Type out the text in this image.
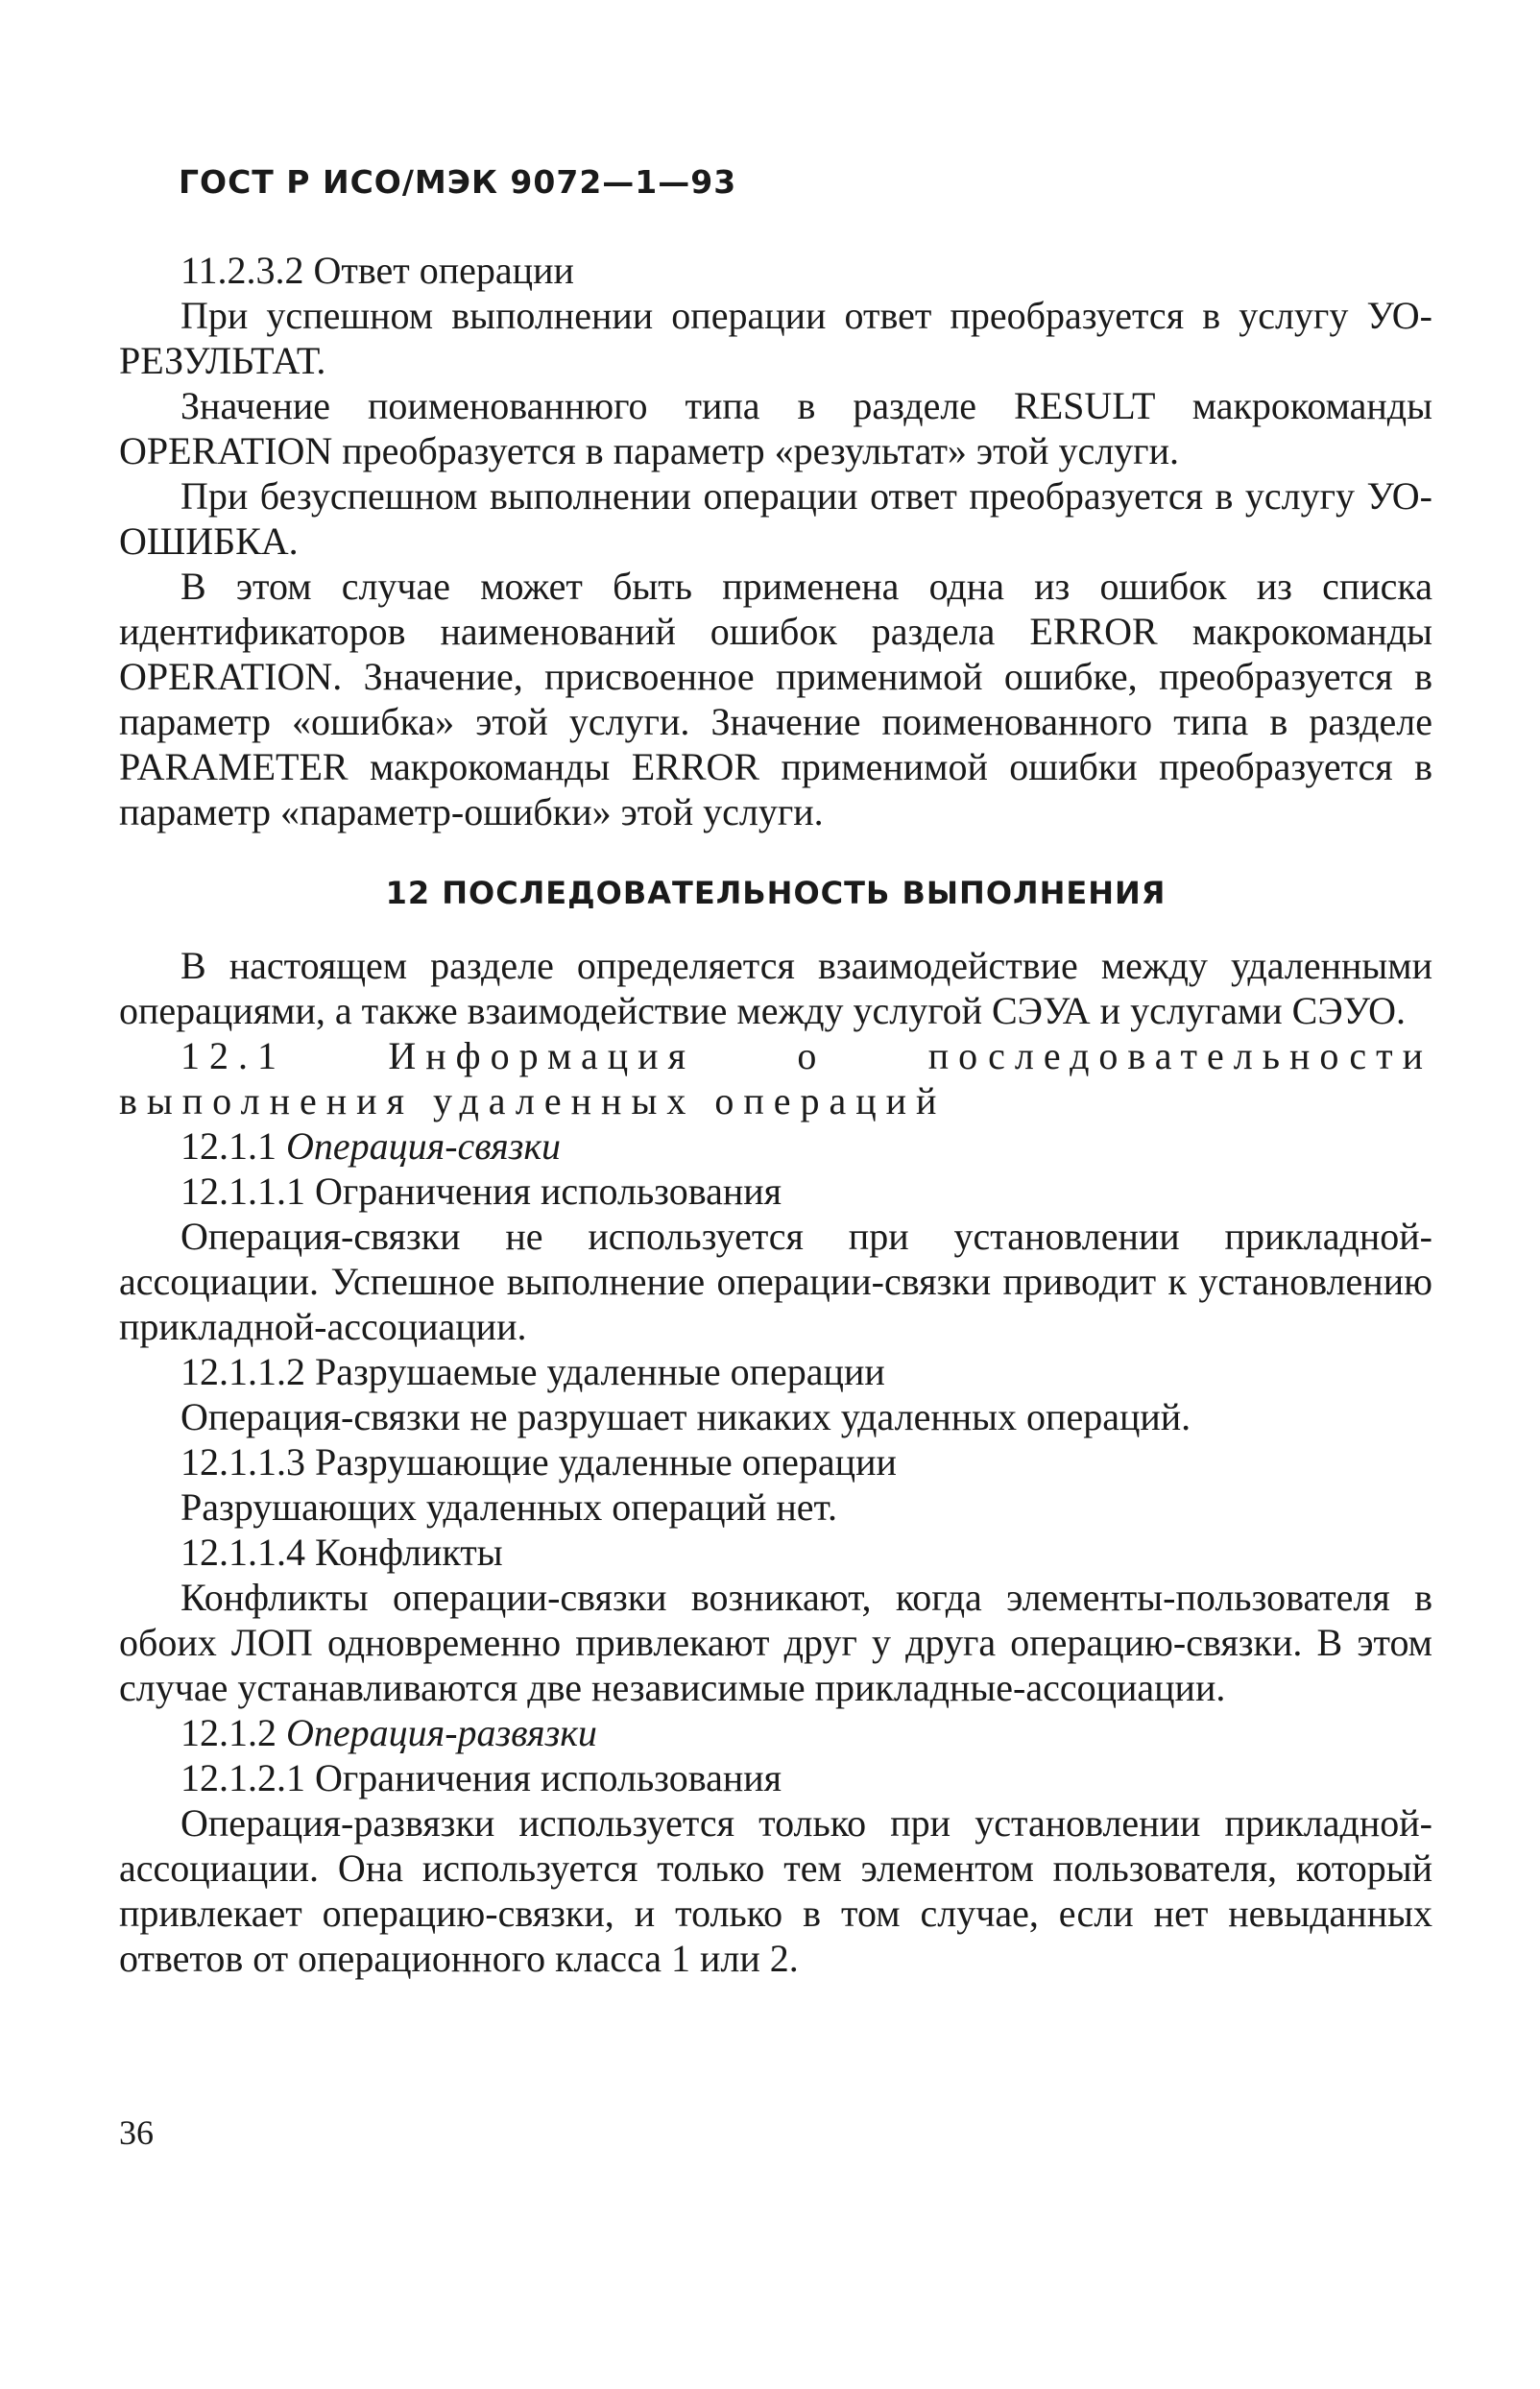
ГОСТ Р ИСО/МЭК 9072—1—93
11.2.3.2 Ответ операции
При успешном выполнении операции ответ преобразуется в услугу УО-РЕЗУЛЬТАТ.
Значение поименованнюго типа в разделе RESULT макрокоманды OPERATION преобразуется в параметр «результат» этой услуги.
При безуспешном выполнении операции ответ преобразуется в услугу УО-ОШИБКА.
В этом случае может быть применена одна из ошибок из списка идентификаторов наименований ошибок раздела ERROR макрокоманды OPERATION. Значение, присвоенное применимой ошибке, преобразуется в параметр «ошибка» этой услуги. Значение поименованного типа в разделе PARAMETER макрокоманды ERROR применимой ошибки преобразуется в параметр «параметр-ошибки» этой услуги.
12 ПОСЛЕДОВАТЕЛЬНОСТЬ ВЫПОЛНЕНИЯ
В настоящем разделе определяется взаимодействие между удаленными операциями, а также взаимодействие между услугой СЭУА и услугами СЭУО.
12.1 Информация о последовательности выполнения удаленных операций
12.1.1 Операция-связки
12.1.1.1 Ограничения использования
Операция-связки не используется при установлении прикладной-ассоциации. Успешное выполнение операции-связки приводит к установлению прикладной-ассоциации.
12.1.1.2 Разрушаемые удаленные операции
Операция-связки не разрушает никаких удаленных операций.
12.1.1.3 Разрушающие удаленные операции
Разрушающих удаленных операций нет.
12.1.1.4 Конфликты
Конфликты операции-связки возникают, когда элементы-пользователя в обоих ЛОП одновременно привлекают друг у друга операцию-связки. В этом случае устанавливаются две независимые прикладные-ассоциации.
12.1.2 Операция-развязки
12.1.2.1 Ограничения использования
Операция-развязки используется только при установлении прикладной-ассоциации. Она используется только тем элементом пользователя, который привлекает операцию-связки, и только в том случае, если нет невыданных ответов от операционного класса 1 или 2.
36
